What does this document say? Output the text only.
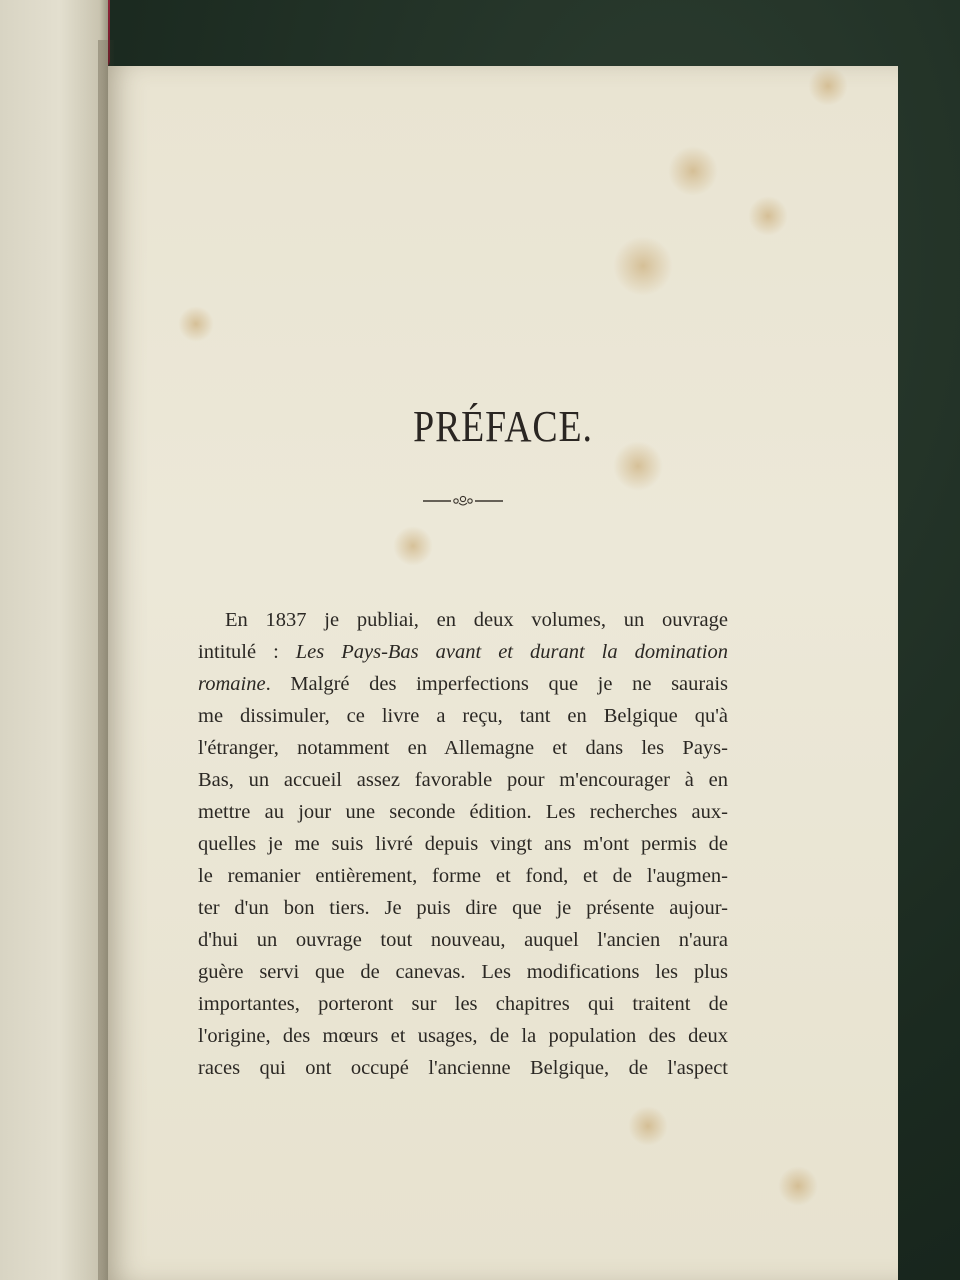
PRÉFACE.
En 1837 je publiai, en deux volumes, un ouvrage
intitulé : Les Pays-Bas avant et durant la domination
romaine. Malgré des imperfections que je ne saurais
me dissimuler, ce livre a reçu, tant en Belgique qu'à
l'étranger, notamment en Allemagne et dans les Pays-
Bas, un accueil assez favorable pour m'encourager à en
mettre au jour une seconde édition. Les recherches aux-
quelles je me suis livré depuis vingt ans m'ont permis de
le remanier entièrement, forme et fond, et de l'augmen-
ter d'un bon tiers. Je puis dire que je présente aujour-
d'hui un ouvrage tout nouveau, auquel l'ancien n'aura
guère servi que de canevas. Les modifications les plus
importantes, porteront sur les chapitres qui traitent de
l'origine, des mœurs et usages, de la population des deux
races qui ont occupé l'ancienne Belgique, de l'aspect
